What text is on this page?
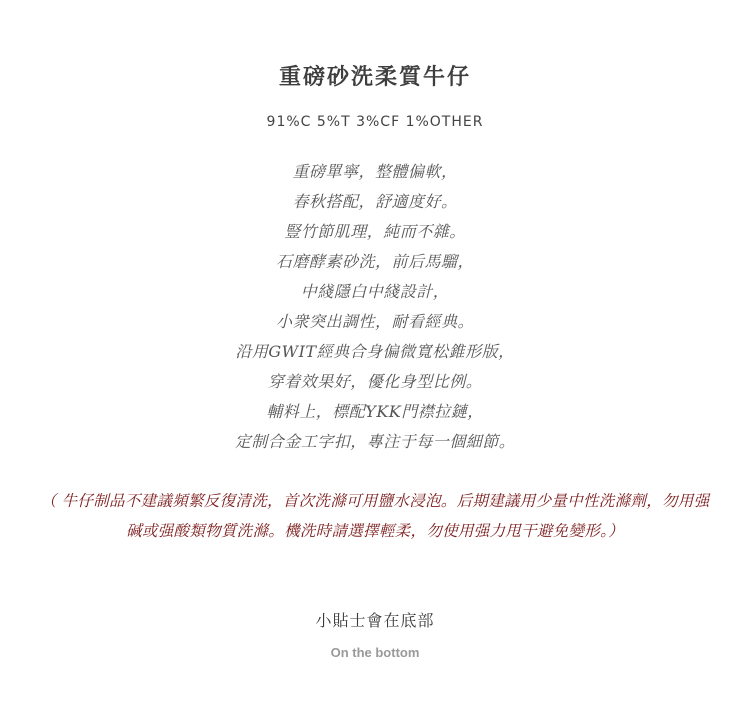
重磅砂洗柔質牛仔
91%C 5%T 3%CF 1%OTHER
重磅單寧，整體偏軟，
春秋搭配，舒適度好。
豎竹節肌理，純而不雜。
石磨酵素砂洗，前后馬騮，
中綫隱白中綫設計，
小衆突出調性，耐看經典。
沿用GWIT經典合身偏微寬松錐形版，
穿着效果好，優化身型比例。
輔料上，標配YKK門襟拉鏈，
定制合金工字扣，專注于每一個細節。
（ 牛仔制品不建議頻繁反復清洗，首次洗滌可用鹽水浸泡。后期建議用少量中性洗滌劑，勿用强碱或强酸類物質洗滌。機洗時請選擇輕柔，勿使用强力甩干避免變形。）
小貼士會在底部
On the bottom
